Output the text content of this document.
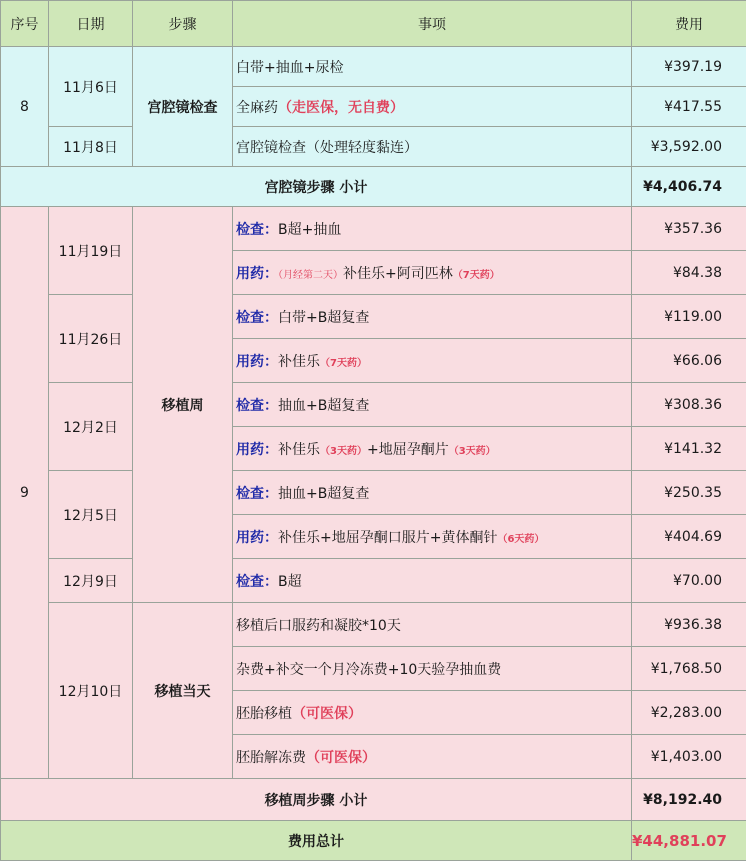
序号	日期	步骤	事项	费用
8	11月6日	宫腔镜检查	白带+抽血+尿检	¥397.19
			全麻药（走医保，无自费）	¥417.55
	11月8日		宫腔镜检查（处理轻度黏连）	¥3,592.00
宫腔镜步骤 小计				¥4,406.74
9	11月19日	移植周	检查：B超+抽血	¥357.36
			用药：（月经第二天）补佳乐+阿司匹林（7天药）	¥84.38
	11月26日		检查：白带+B超复查	¥119.00
			用药：补佳乐（7天药）	¥66.06
	12月2日		检查：抽血+B超复查	¥308.36
			用药：补佳乐（3天药）+地屈孕酮片（3天药）	¥141.32
	12月5日		检查：抽血+B超复查	¥250.35
			用药：补佳乐+地屈孕酮口服片+黄体酮针（6天药）	¥404.69
	12月9日		检查：B超	¥70.00
	12月10日	移植当天	移植后口服药和凝胶*10天	¥936.38
			杂费+补交一个月冷冻费+10天验孕抽血费	¥1,768.50
			胚胎移植（可医保）	¥2,283.00
			胚胎解冻费（可医保）	¥1,403.00
移植周步骤 小计				¥8,192.40
费用总计				¥44,881.07
